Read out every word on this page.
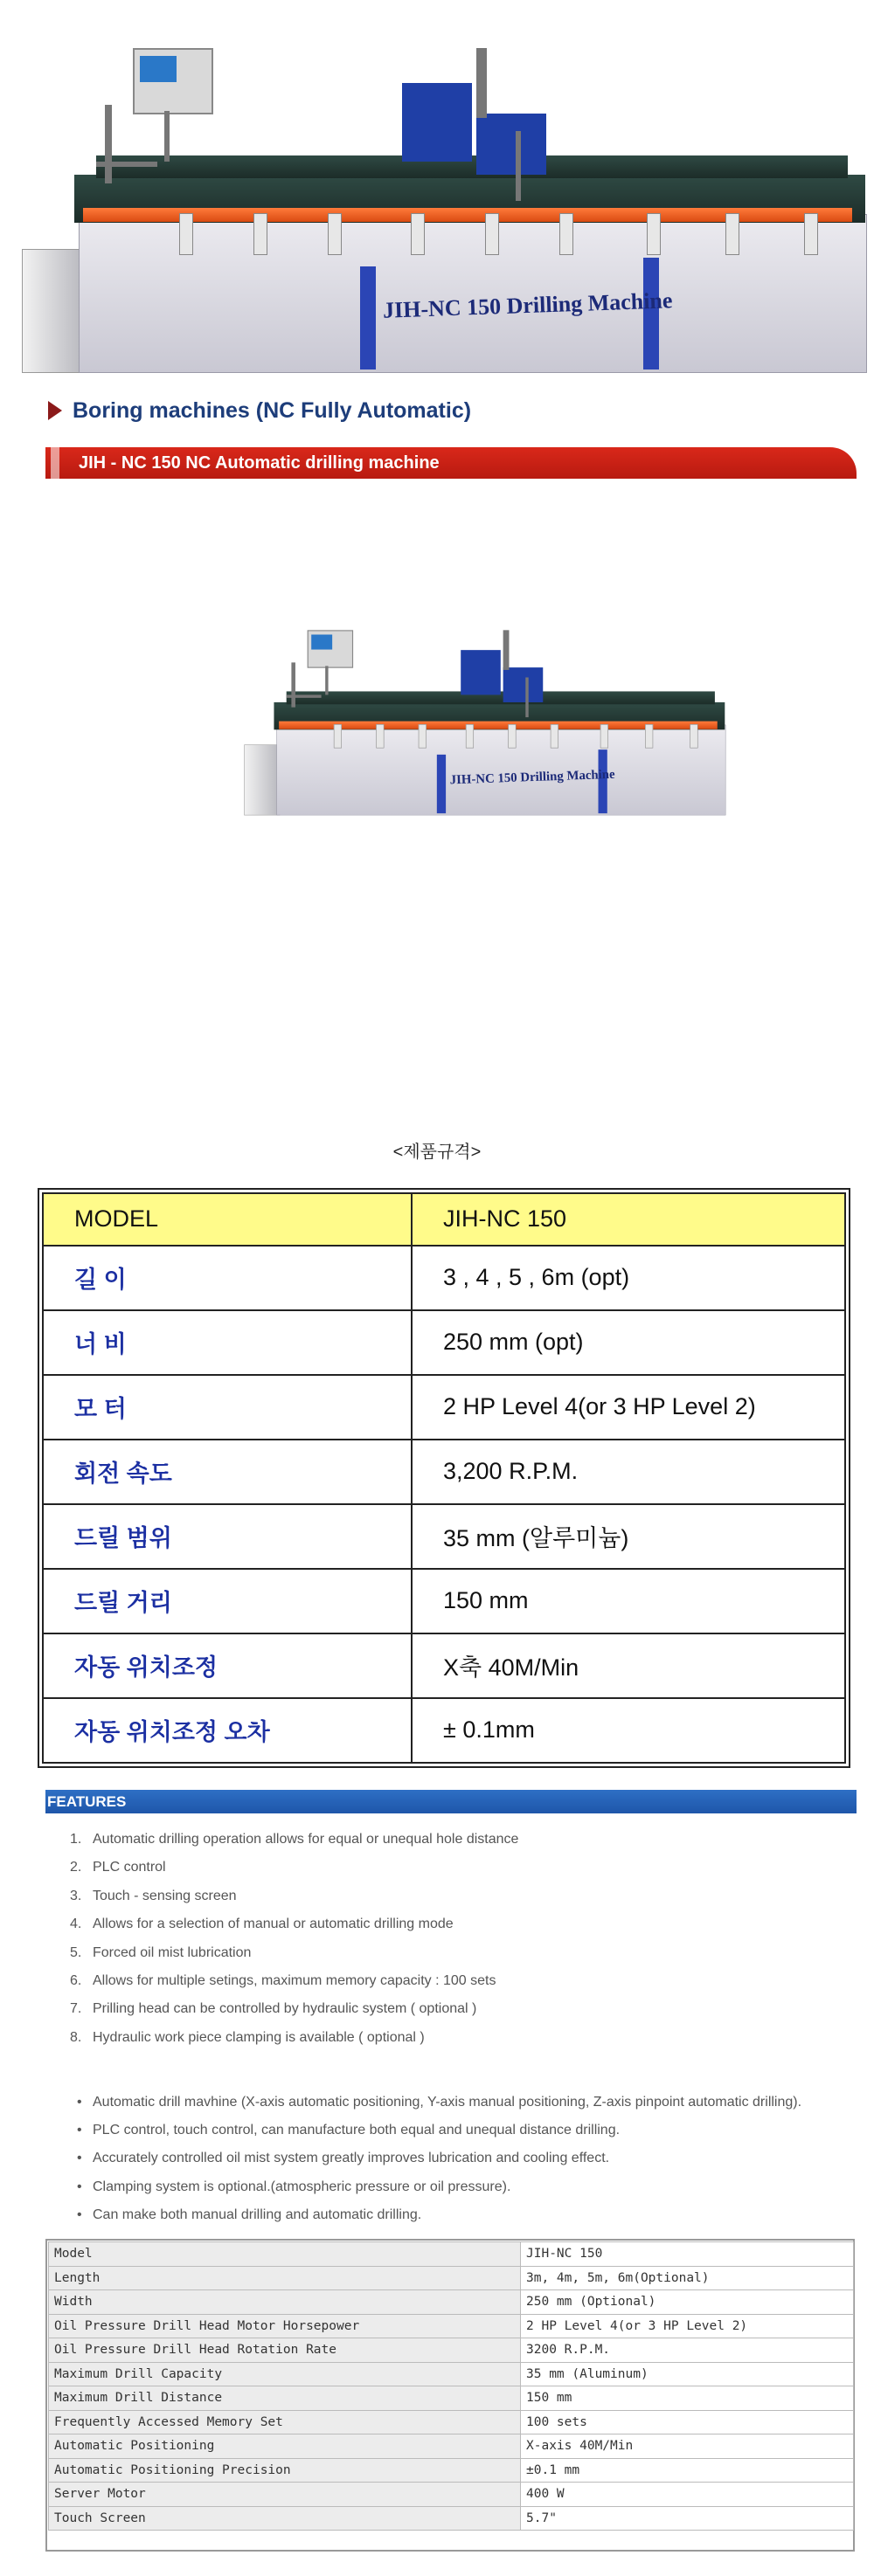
JIH-NC 150 Drilling Machine
Boring machines (NC Fully Automatic)
JIH - NC 150 NC Automatic drilling machine
JIH-NC 150 Drilling Machine
<제품규격>
MODEL	JIH-NC 150
길 이	3 , 4 , 5 , 6m (opt)
너 비	250 mm (opt)
모 터	2 HP Level 4(or 3 HP Level 2)
회전 속도	3,200 R.P.M.
드릴 범위	35 mm (알루미늄)
드릴 거리	150 mm
자동 위치조정	X축 40M/Min
자동 위치조정 오차	± 0.1mm
FEATURES
1. Automatic drilling operation allows for equal or unequal hole distance
2. PLC control
3. Touch - sensing screen
4. Allows for a selection of manual or automatic drilling mode
5. Forced oil mist lubrication
6. Allows for multiple setings, maximum memory capacity : 100 sets
7. Prilling head can be controlled by hydraulic system ( optional )
8. Hydraulic work piece clamping is available ( optional )
• Automatic drill mavhine (X-axis automatic positioning, Y-axis manual positioning, Z-axis pinpoint automatic drilling).
• PLC control, touch control, can manufacture both equal and unequal distance drilling.
• Accurately controlled oil mist system greatly improves lubrication and cooling effect.
• Clamping system is optional.(atmospheric pressure or oil pressure).
• Can make both manual drilling and automatic drilling.
Model	JIH-NC 150
Length	3m, 4m, 5m, 6m(Optional)
Width	250 mm (Optional)
Oil Pressure Drill Head Motor Horsepower	2 HP Level 4(or 3 HP Level 2)
Oil Pressure Drill Head Rotation Rate	3200 R.P.M.
Maximum Drill Capacity	35 mm (Aluminum)
Maximum Drill Distance	150 mm
Frequently Accessed Memory Set	100 sets
Automatic Positioning	X-axis 40M/Min
Automatic Positioning Precision	±0.1 mm
Server Motor	400 W
Touch Screen	5.7"
